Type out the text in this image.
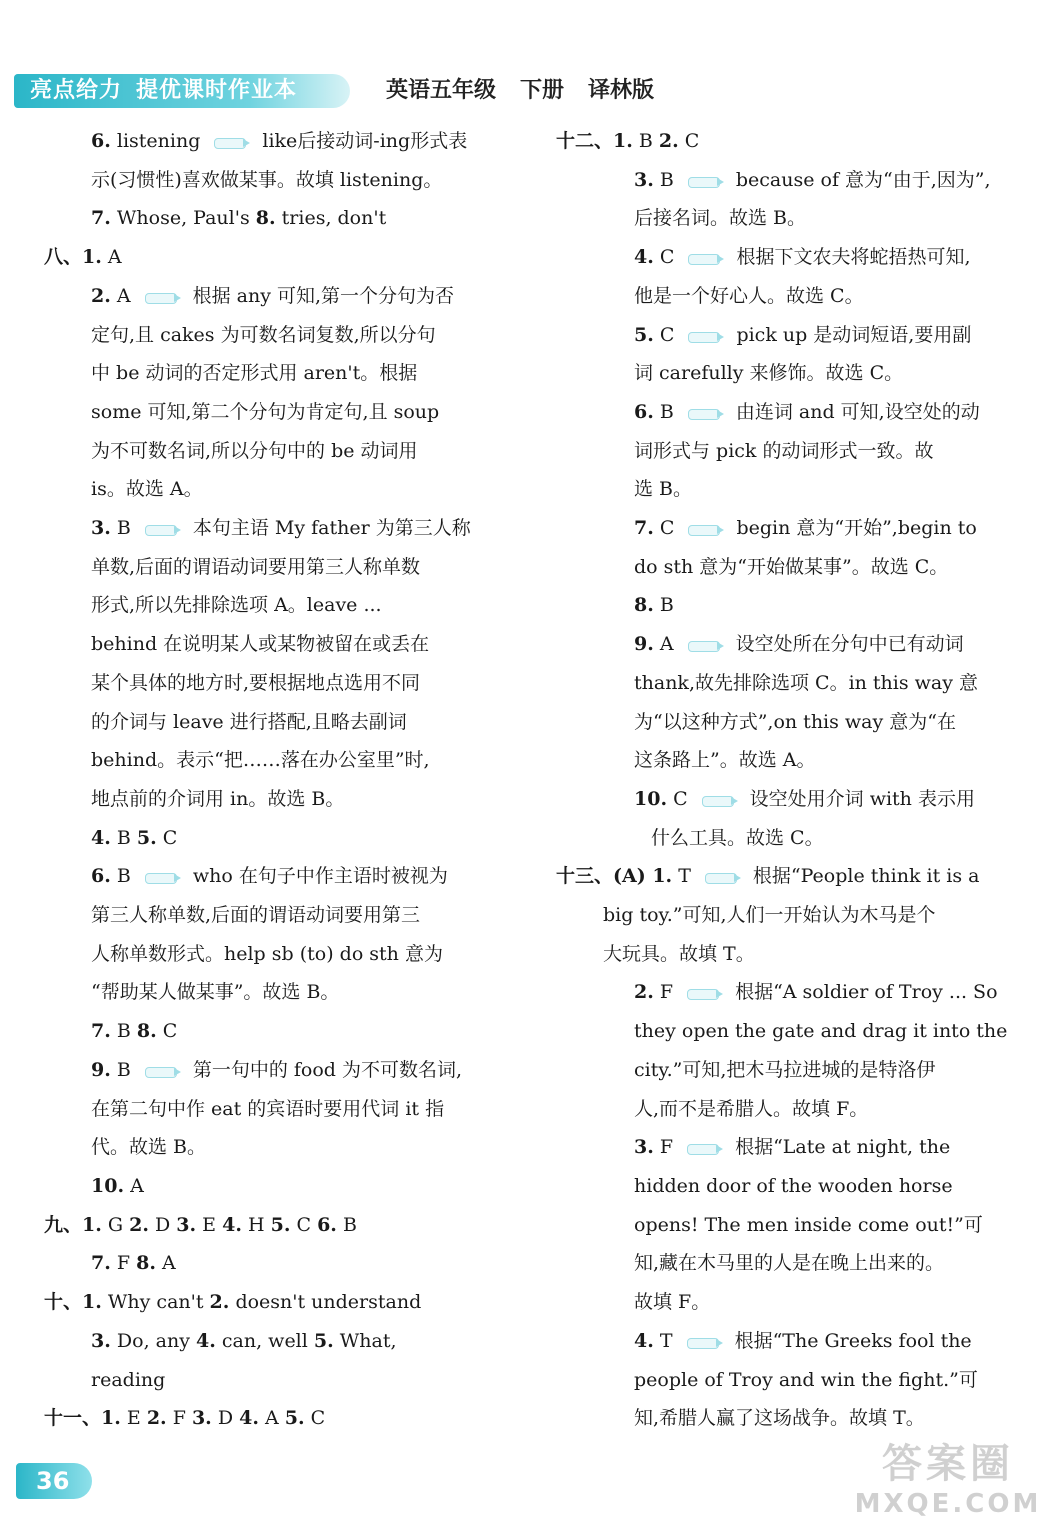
亮点给力 提优课时作业本	英语五年级 下册 译林版
6. listening	like后接动词-ing形式表
示(习惯性)喜欢做某事。故填 listening。
7. Whose, Paul's 8. tries, don't
八、1. A
2. A	根据 any 可知,第一个分句为否
定句,且 cakes 为可数名词复数,所以分句
中 be 动词的否定形式用 aren't。根据
some 可知,第二个分句为肯定句,且 soup
为不可数名词,所以分句中的 be 动词用
is。故选 A。
3. B	本句主语 My father 为第三人称
单数,后面的谓语动词要用第三人称单数
形式,所以先排除选项 A。leave ...
behind 在说明某人或某物被留在或丢在
某个具体的地方时,要根据地点选用不同
的介词与 leave 进行搭配,且略去副词
behind。表示“把……落在办公室里”时,
地点前的介词用 in。故选 B。
4. B 5. C
6. B	who 在句子中作主语时被视为
第三人称单数,后面的谓语动词要用第三
人称单数形式。help sb (to) do sth 意为
“帮助某人做某事”。故选 B。
7. B 8. C
9. B	第一句中的 food 为不可数名词,
在第二句中作 eat 的宾语时要用代词 it 指
代。故选 B。
10. A
九、1. G 2. D 3. E 4. H 5. C 6. B
7. F 8. A
十、1. Why can't 2. doesn't understand
3. Do, any 4. can, well 5. What,
reading
十一、1. E 2. F 3. D 4. A 5. C
十二、1. B 2. C
3. B	because of 意为“由于,因为”,
后接名词。故选 B。
4. C	根据下文农夫将蛇捂热可知,
他是一个好心人。故选 C。
5. C	pick up 是动词短语,要用副
词 carefully 来修饰。故选 C。
6. B	由连词 and 可知,设空处的动
词形式与 pick 的动词形式一致。故
选 B。
7. C	begin 意为“开始”,begin to
do sth 意为“开始做某事”。故选 C。
8. B
9. A	设空处所在分句中已有动词
thank,故先排除选项 C。in this way 意
为“以这种方式”,on this way 意为“在
这条路上”。故选 A。
10. C	设空处用介词 with 表示用
什么工具。故选 C。
十三、(A) 1. T	根据“People think it is a
big toy.”可知,人们一开始认为木马是个
大玩具。故填 T。
2. F	根据“A soldier of Troy ... So
they open the gate and drag it into the
city.”可知,把木马拉进城的是特洛伊
人,而不是希腊人。故填 F。
3. F	根据“Late at night, the
hidden door of the wooden horse
opens! The men inside come out!”可
知,藏在木马里的人是在晚上出来的。
故填 F。
4. T	根据“The Greeks fool the
people of Troy and win the fight.”可
知,希腊人赢了这场战争。故填 T。
36	答案圈
MXQE.COM
